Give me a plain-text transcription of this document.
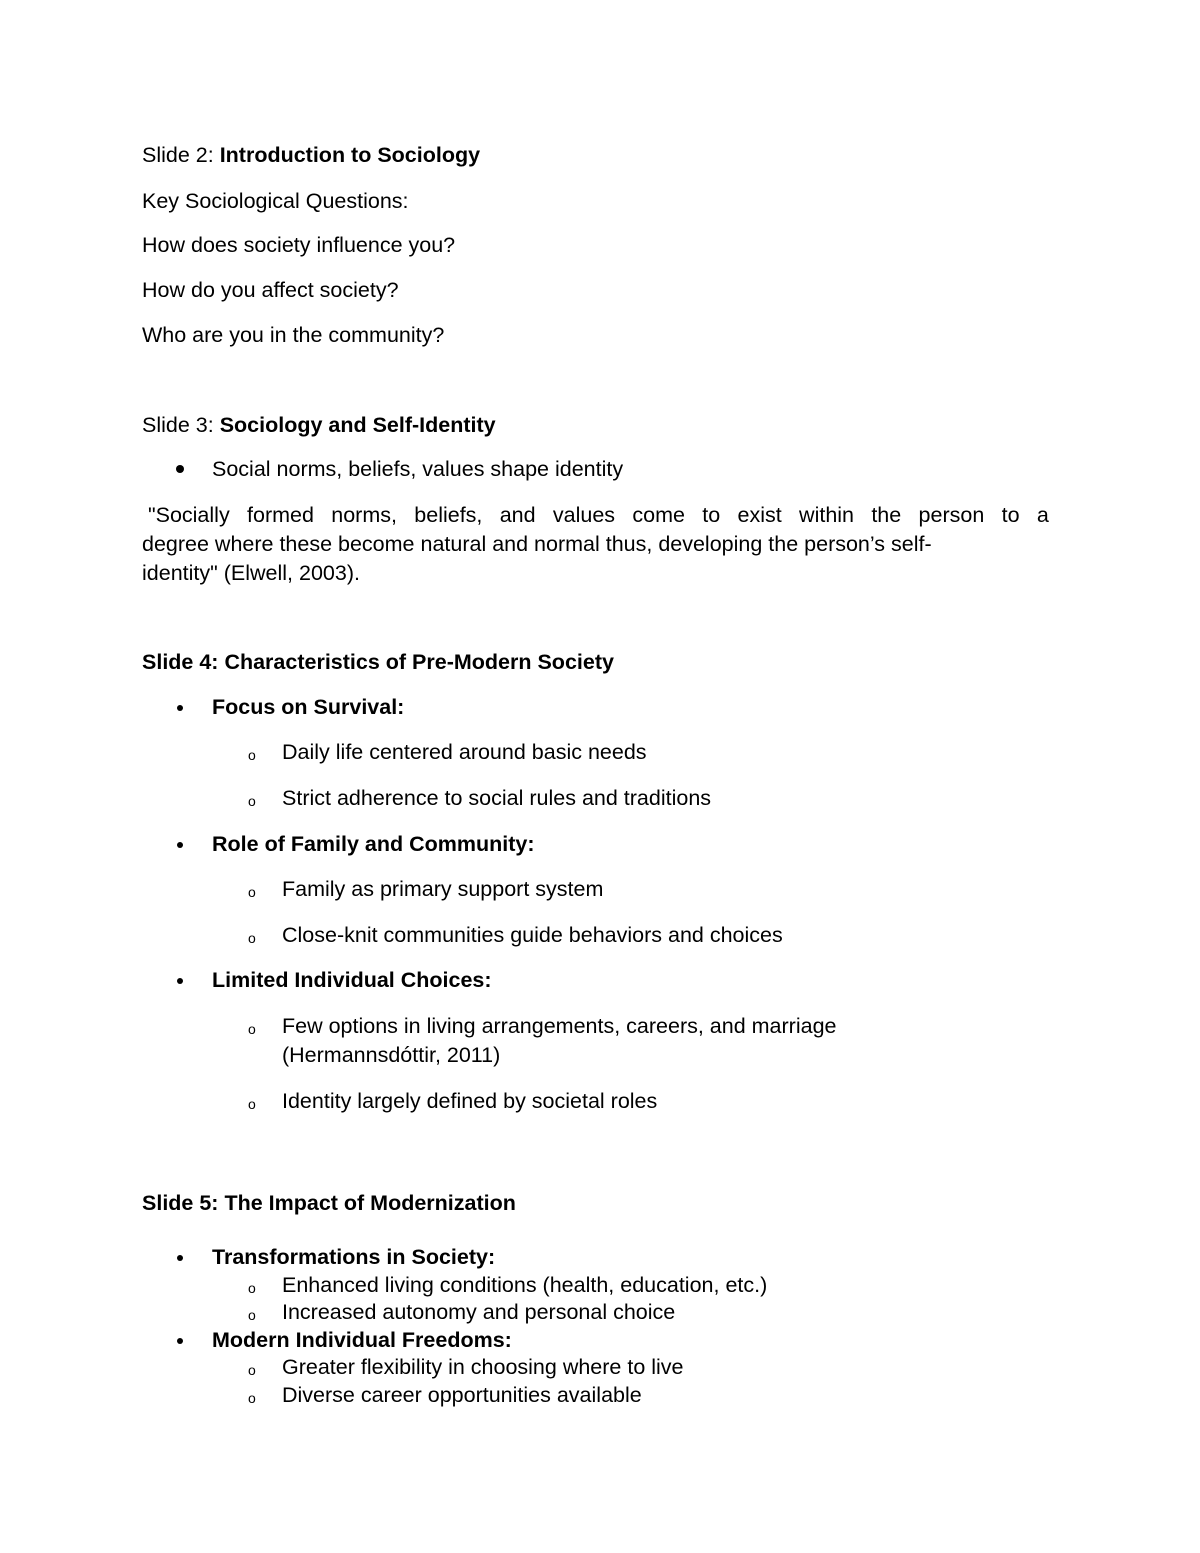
Slide 2: Introduction to Sociology
Key Sociological Questions:
How does society influence you?
How do you affect society?
Who are you in the community?
Slide 3: Sociology and Self-Identity
Social norms, beliefs, values shape identity
"Socially formed norms, beliefs, and values come to exist within the person to a
degree where these become natural and normal thus, developing the person’s self-
identity" (Elwell, 2003).
Slide 4: Characteristics of Pre-Modern Society
Focus on Survival:
o Daily life centered around basic needs
o Strict adherence to social rules and traditions
Role of Family and Community:
o Family as primary support system
o Close-knit communities guide behaviors and choices
Limited Individual Choices:
o Few options in living arrangements, careers, and marriage
(Hermannsdóttir, 2011)
o Identity largely defined by societal roles
Slide 5: The Impact of Modernization
Transformations in Society:
o Enhanced living conditions (health, education, etc.)
o Increased autonomy and personal choice
Modern Individual Freedoms:
o Greater flexibility in choosing where to live
o Diverse career opportunities available
